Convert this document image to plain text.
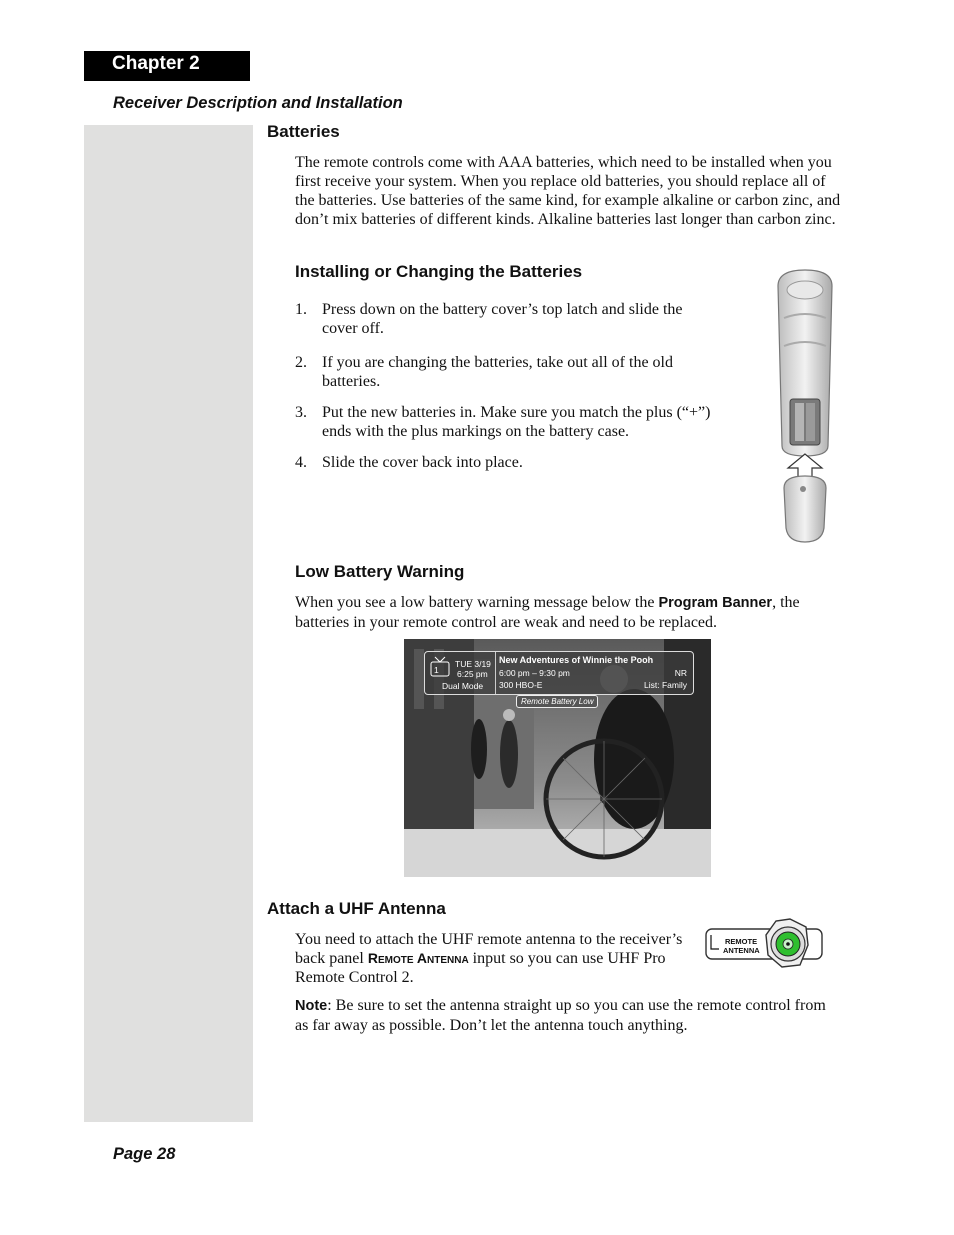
Chapter 2
Receiver Description and Installation
Batteries

The remote controls come with AAA batteries, which need to be installed when you first receive your system. When you replace old batteries, you should replace all of the batteries. Use batteries of the same kind, for example alkaline or carbon zinc, and don’t mix batteries of different kinds. Alkaline batteries last longer than carbon zinc.

Installing or Changing the Batteries
1. Press down on the battery cover’s top latch and slide the cover off.
2. If you are changing the batteries, take out all of the old batteries.
3. Put the new batteries in. Make sure you match the plus (“+”) ends with the plus markings on the battery case.
4. Slide the cover back into place.
Low Battery Warning

When you see a low battery warning message below the Program Banner, the batteries in your remote control are weak and need to be replaced.

1
TUE 3/19
6:25 pm
Dual Mode
New Adventures of Winnie the Pooh
6:00 pm – 9:30 pm	NR
300 HBO-E	List: Family
Remote Battery Low
Attach a UHF Antenna

You need to attach the UHF remote antenna to the receiver’s back panel Remote Antenna input so you can use UHF Pro Remote Control 2.

REMOTE
ANTENNA

Note: Be sure to set the antenna straight up so you can use the remote control from as far away as possible. Don’t let the antenna touch anything.

Page 28
